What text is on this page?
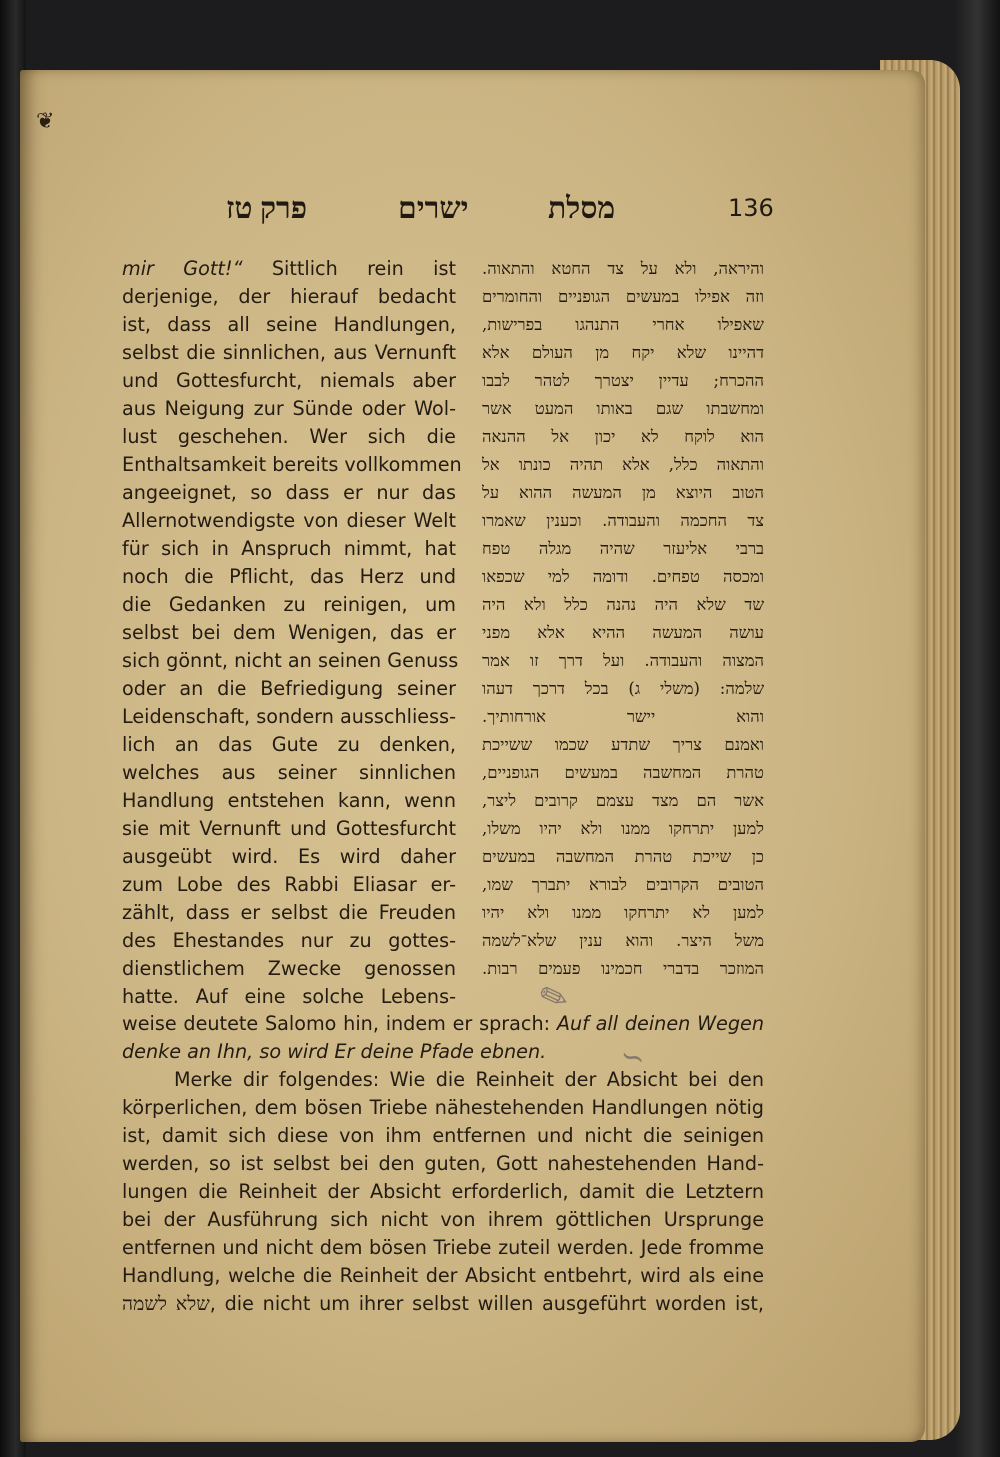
❦
פרק טז	ישרים	מסלת	136
mir Gott!“ Sittlich rein ist
derjenige, der hierauf bedacht
ist, dass all seine Handlungen,
selbst die sinnlichen, aus Vernunft
und Gottesfurcht, niemals aber
aus Neigung zur Sünde oder Wol-
lust geschehen. Wer sich die
Enthaltsamkeit bereits vollkommen
angeeignet, so dass er nur das
Allernotwendigste von dieser Welt
für sich in Anspruch nimmt, hat
noch die Pflicht, das Herz und
die Gedanken zu reinigen, um
selbst bei dem Wenigen, das er
sich gönnt, nicht an seinen Genuss
oder an die Befriedigung seiner
Leidenschaft, sondern ausschliess-
lich an das Gute zu denken,
welches aus seiner sinnlichen
Handlung entstehen kann, wenn
sie mit Vernunft und Gottesfurcht
ausgeübt wird. Es wird daher
zum Lobe des Rabbi Eliasar er-
zählt, dass er selbst die Freuden
des Ehestandes nur zu gottes-
dienstlichem Zwecke genossen
hatte. Auf eine solche Lebens-
והיראה, ולא על צד החטא והתאוה.
וזה אפילו במעשים הגופניים והחומרים
שאפילו אחרי התנהגו בפרישות,
דהיינו שלא יקח מן העולם אלא
ההכרח; עדיין יצטרך לטהר לבבו
ומחשבתו שגם באותו המעט אשר
הוא לוקח לא יכון אל ההנאה
והתאוה כלל, אלא תהיה כונתו אל
הטוב היוצא מן המעשה ההוא על
צד החכמה והעבודה. וכענין שאמרו
ברבי אליעזר שהיה מגלה טפח
ומכסה טפחים. ודומה למי שכפאו
שד שלא היה נהנה כלל ולא היה
עושה המעשה ההיא אלא מפני
המצוה והעבודה. ועל דרך זו אמר
שלמה: (משלי ג) בכל דרכך דעהו
והוא יישר אורחותיך.
ואמנם צריך שתדע שכמו ששייכת
טהרת המחשבה במעשים הגופניים,
אשר הם מצד עצמם קרובים ליצר,
למען יתרחקו ממנו ולא יהיו משלו,
כן שייכת טהרת המחשבה במעשים
הטובים הקרובים לבורא יתברך שמו,
למען לא יתרחקו ממנו ולא יהיו
משל היצר. והוא ענין שלא־לשמה
המוזכר בדברי חכמינו פעמים רבות.
weise deutete Salomo hin, indem er sprach: Auf all deinen Wegen
denke an Ihn, so wird Er deine Pfade ebnen.
Merke dir folgendes: Wie die Reinheit der Absicht bei den
körperlichen, dem bösen Triebe nähestehenden Handlungen nötig
ist, damit sich diese von ihm entfernen und nicht die seinigen
werden, so ist selbst bei den guten, Gott nahestehenden Hand-
lungen die Reinheit der Absicht erforderlich, damit die Letztern
bei der Ausführung sich nicht von ihrem göttlichen Ursprunge
entfernen und nicht dem bösen Triebe zuteil werden. Jede fromme
Handlung, welche die Reinheit der Absicht entbehrt, wird als eine
שלא לשמה, die nicht um ihrer selbst willen ausgeführt worden ist,
✎
∽
